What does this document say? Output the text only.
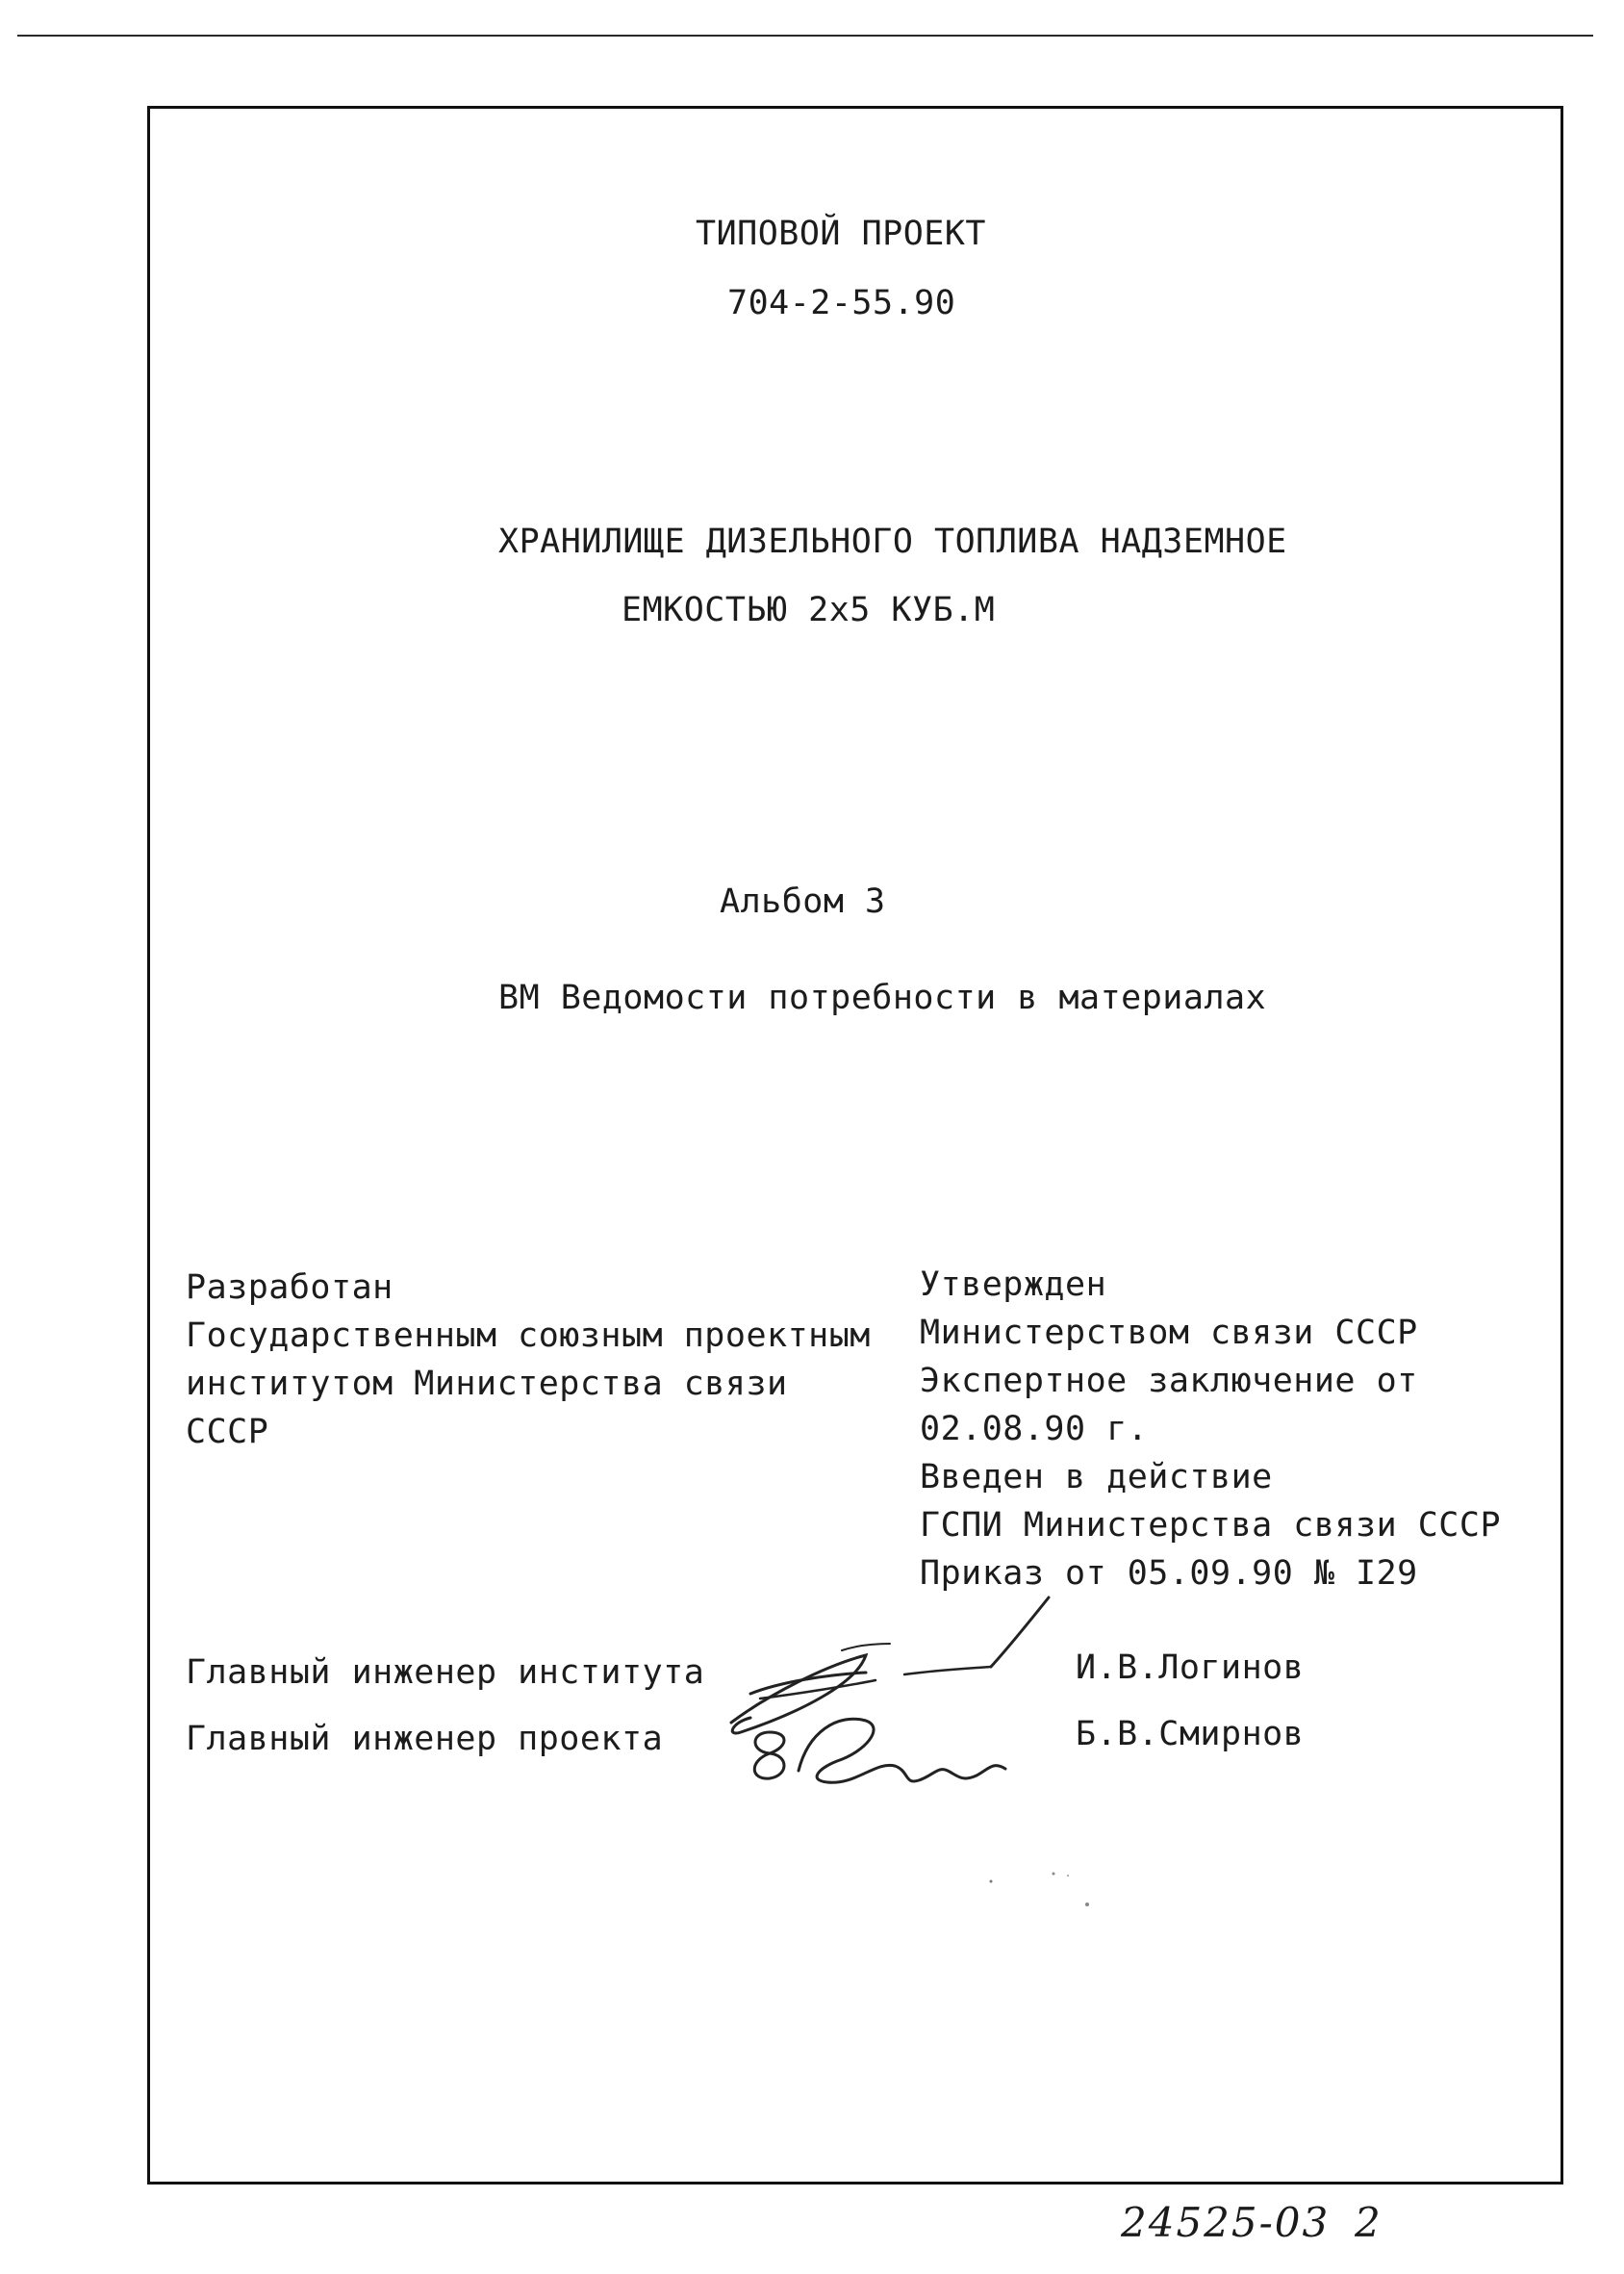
ТИПОВОЙ ПРОЕКТ
704-2-55.90
ХРАНИЛИЩЕ ДИЗЕЛЬНОГО ТОПЛИВА НАДЗЕМНОЕ
ЕМКОСТЬЮ 2х5 КУБ.М
Альбом 3
ВМ Ведомости потребности в материалах
Разработан
Государственным союзным проектным
институтом Министерства связи
СССР
Утвержден
Министерством связи СССР
Экспертное заключение от
02.08.90 г.
Введен в действие
ГСПИ Министерства связи СССР
Приказ от 05.09.90 № I29
Главный инженер института	И.В.Логинов
Главный инженер проекта	Б.В.Смирнов
24525-03 2
